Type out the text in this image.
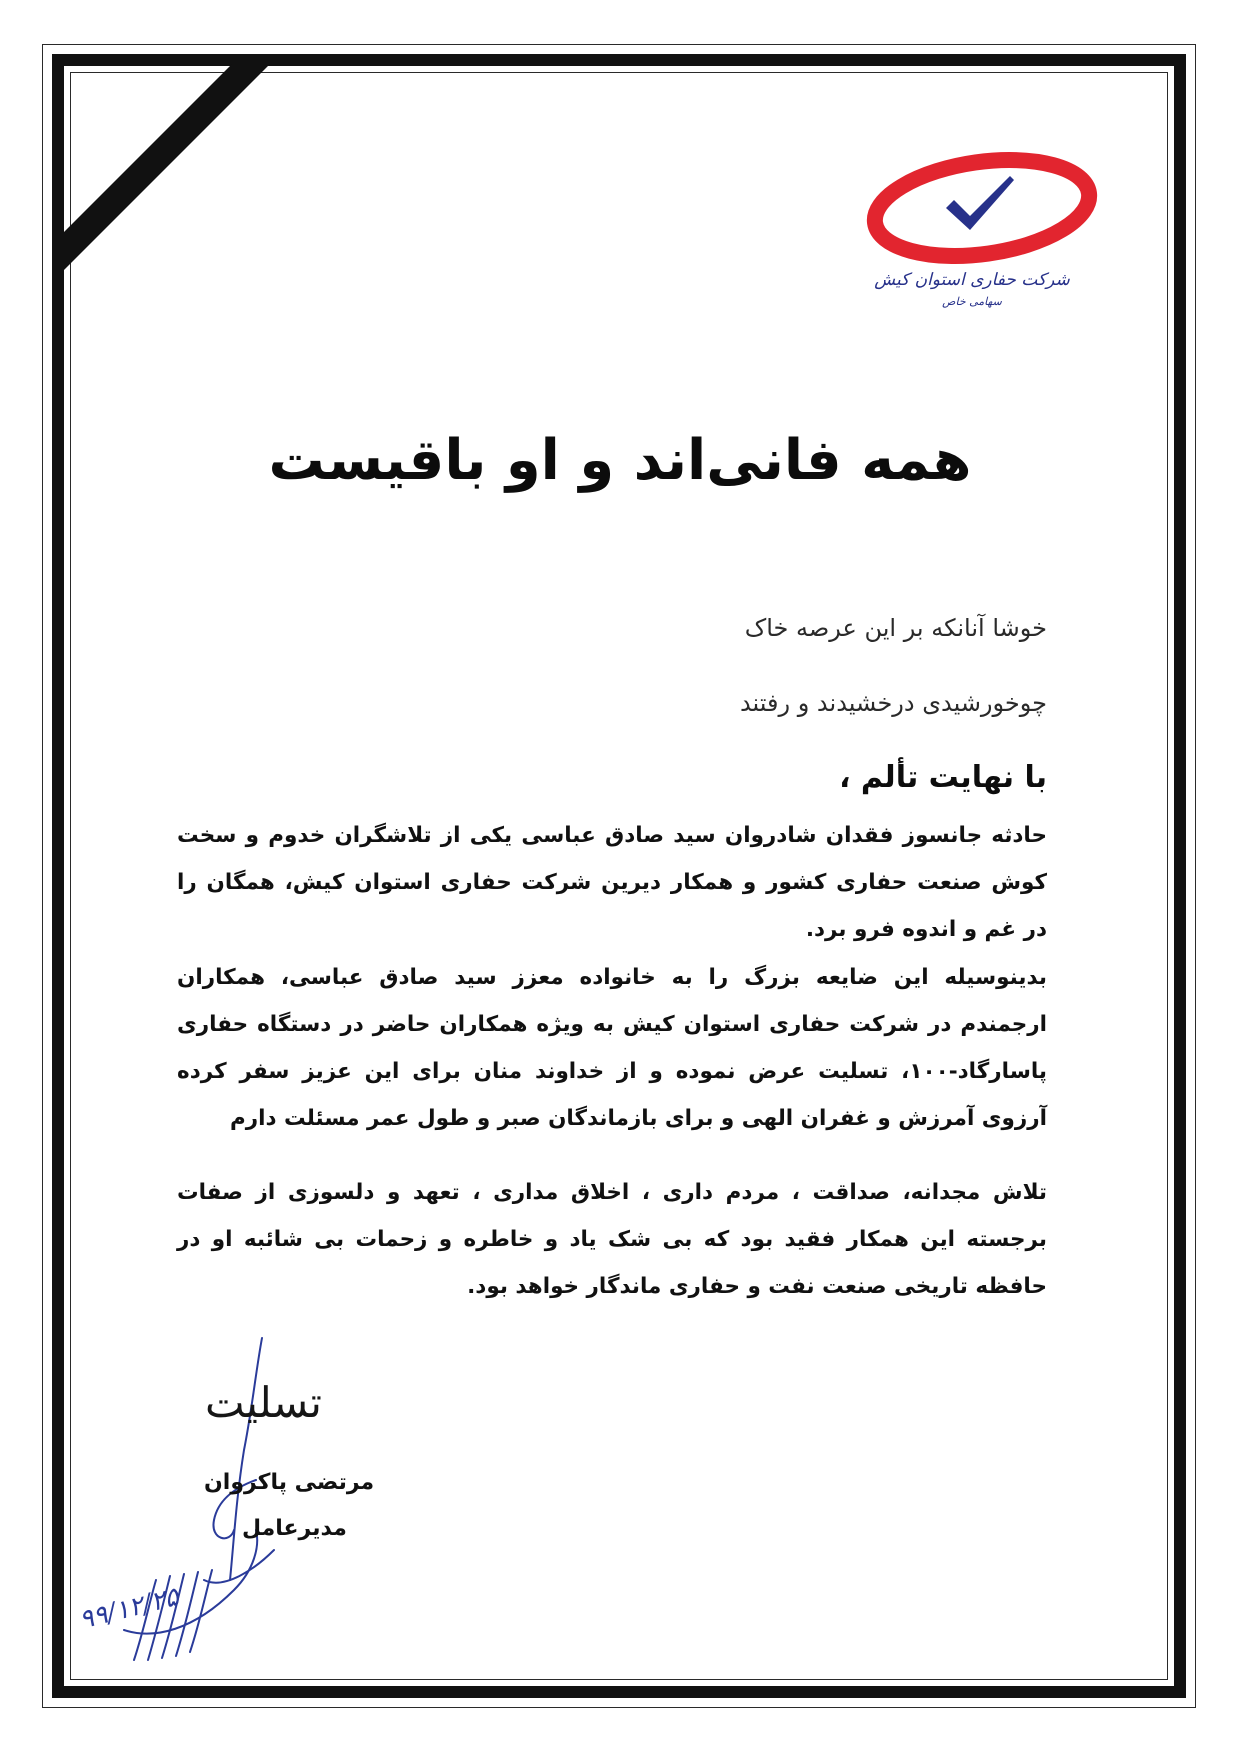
شرکت حفاری استوان کیش سهامی خاص
همه فانی‌اند و او باقیست
خوشا آنانکه بر این عرصه خاک
چوخورشیدی درخشیدند و رفتند
با نهایت تألم ،
حادثه جانسوز فقدان شادروان سید صادق عباسی یکی از تلاشگران خدوم و سخت کوش صنعت حفاری کشور و همکار دیرین شرکت حفاری استوان کیش، همگان را در غم و اندوه فرو برد.
بدینوسیله این ضایعه بزرگ را به خانواده معزز سید صادق عباسی، همکاران ارجمندم در شرکت حفاری استوان کیش به ویژه همکاران حاضر در دستگاه حفاری پاسارگاد-۱۰۰، تسلیت عرض نموده و از خداوند منان برای این عزیز سفر کرده آرزوی آمرزش و غفران الهی و برای بازماندگان صبر و طول عمر مسئلت دارم
تلاش مجدانه، صداقت ، مردم داری ، اخلاق مداری ، تعهد و دلسوزی از صفات برجسته این همکار فقید بود که بی شک یاد و خاطره و زحمات بی شائبه او در حافظه تاریخی صنعت نفت و حفاری ماندگار خواهد بود.
تسلیت
مرتضی پاکروان
مدیرعامل
۹۹/۱۲/۲۵
